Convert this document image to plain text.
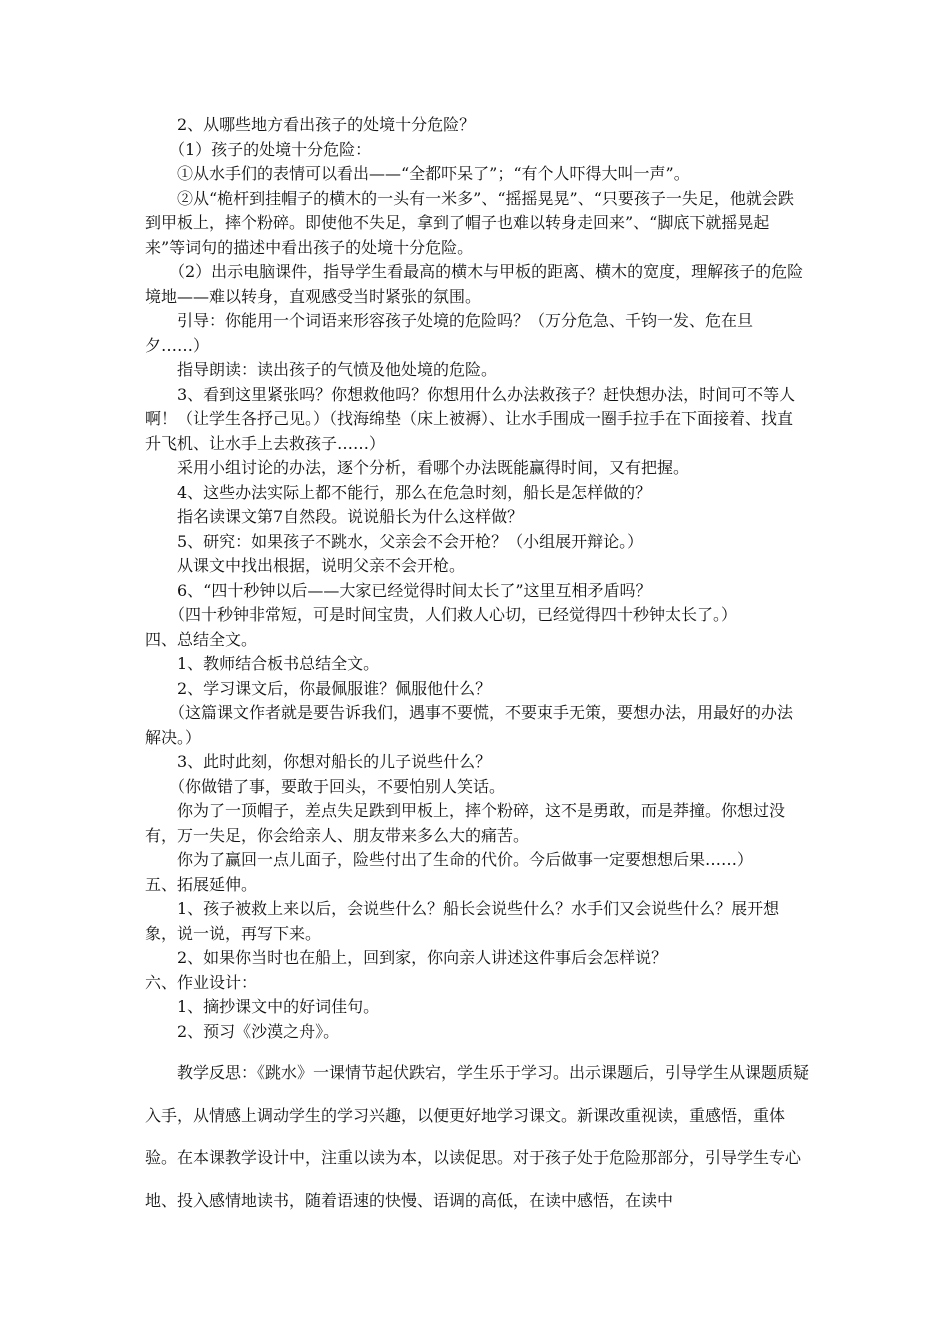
2、从哪些地方看出孩子的处境十分危险？

（1）孩子的处境十分危险：

①从水手们的表情可以看出——“全都吓呆了”；“有个人吓得大叫一声”。

②从“桅杆到挂帽子的横木的一头有一米多”、“摇摇晃晃”、“只要孩子一失足，他就会跌到甲板上，摔个粉碎。即使他不失足，拿到了帽子也难以转身走回来”、“脚底下就摇晃起来”等词句的描述中看出孩子的处境十分危险。

（2）出示电脑课件，指导学生看最高的横木与甲板的距离、横木的宽度，理解孩子的危险境地——难以转身，直观感受当时紧张的氛围。

引导：你能用一个词语来形容孩子处境的危险吗？（万分危急、千钧一发、危在旦夕……）

指导朗读：读出孩子的气愤及他处境的危险。

3、看到这里紧张吗？你想救他吗？你想用什么办法救孩子？赶快想办法，时间可不等人啊！（让学生各抒己见。）（找海绵垫（床上被褥）、让水手围成一圈手拉手在下面接着、找直升飞机、让水手上去救孩子……）

采用小组讨论的办法，逐个分析，看哪个办法既能赢得时间，又有把握。

4、这些办法实际上都不能行，那么在危急时刻，船长是怎样做的？

指名读课文第7自然段。说说船长为什么这样做？

5、研究：如果孩子不跳水，父亲会不会开枪？（小组展开辩论。）

从课文中找出根据，说明父亲不会开枪。

6、“四十秒钟以后——大家已经觉得时间太长了”这里互相矛盾吗？

（四十秒钟非常短，可是时间宝贵，人们救人心切，已经觉得四十秒钟太长了。）

四、总结全文。

1、教师结合板书总结全文。

2、学习课文后，你最佩服谁？佩服他什么？

（这篇课文作者就是要告诉我们，遇事不要慌，不要束手无策，要想办法，用最好的办法解决。）

3、此时此刻，你想对船长的儿子说些什么？

（你做错了事，要敢于回头，不要怕别人笑话。

你为了一顶帽子，差点失足跌到甲板上，摔个粉碎，这不是勇敢，而是莽撞。你想过没有，万一失足，你会给亲人、朋友带来多么大的痛苦。

你为了赢回一点儿面子，险些付出了生命的代价。今后做事一定要想想后果……）

五、拓展延伸。

1、孩子被救上来以后，会说些什么？船长会说些什么？水手们又会说些什么？展开想象，说一说，再写下来。

2、如果你当时也在船上，回到家，你向亲人讲述这件事后会怎样说？

六、作业设计：

1、摘抄课文中的好词佳句。

2、预习《沙漠之舟》。

教学反思：《跳水》一课情节起伏跌宕，学生乐于学习。出示课题后，引导学生从课题质疑入手，从情感上调动学生的学习兴趣，以便更好地学习课文。新课改重视读，重感悟，重体验。在本课教学设计中，注重以读为本，以读促思。对于孩子处于危险那部分，引导学生专心地、投入感情地读书，随着语速的快慢、语调的高低，在读中感悟，在读中
